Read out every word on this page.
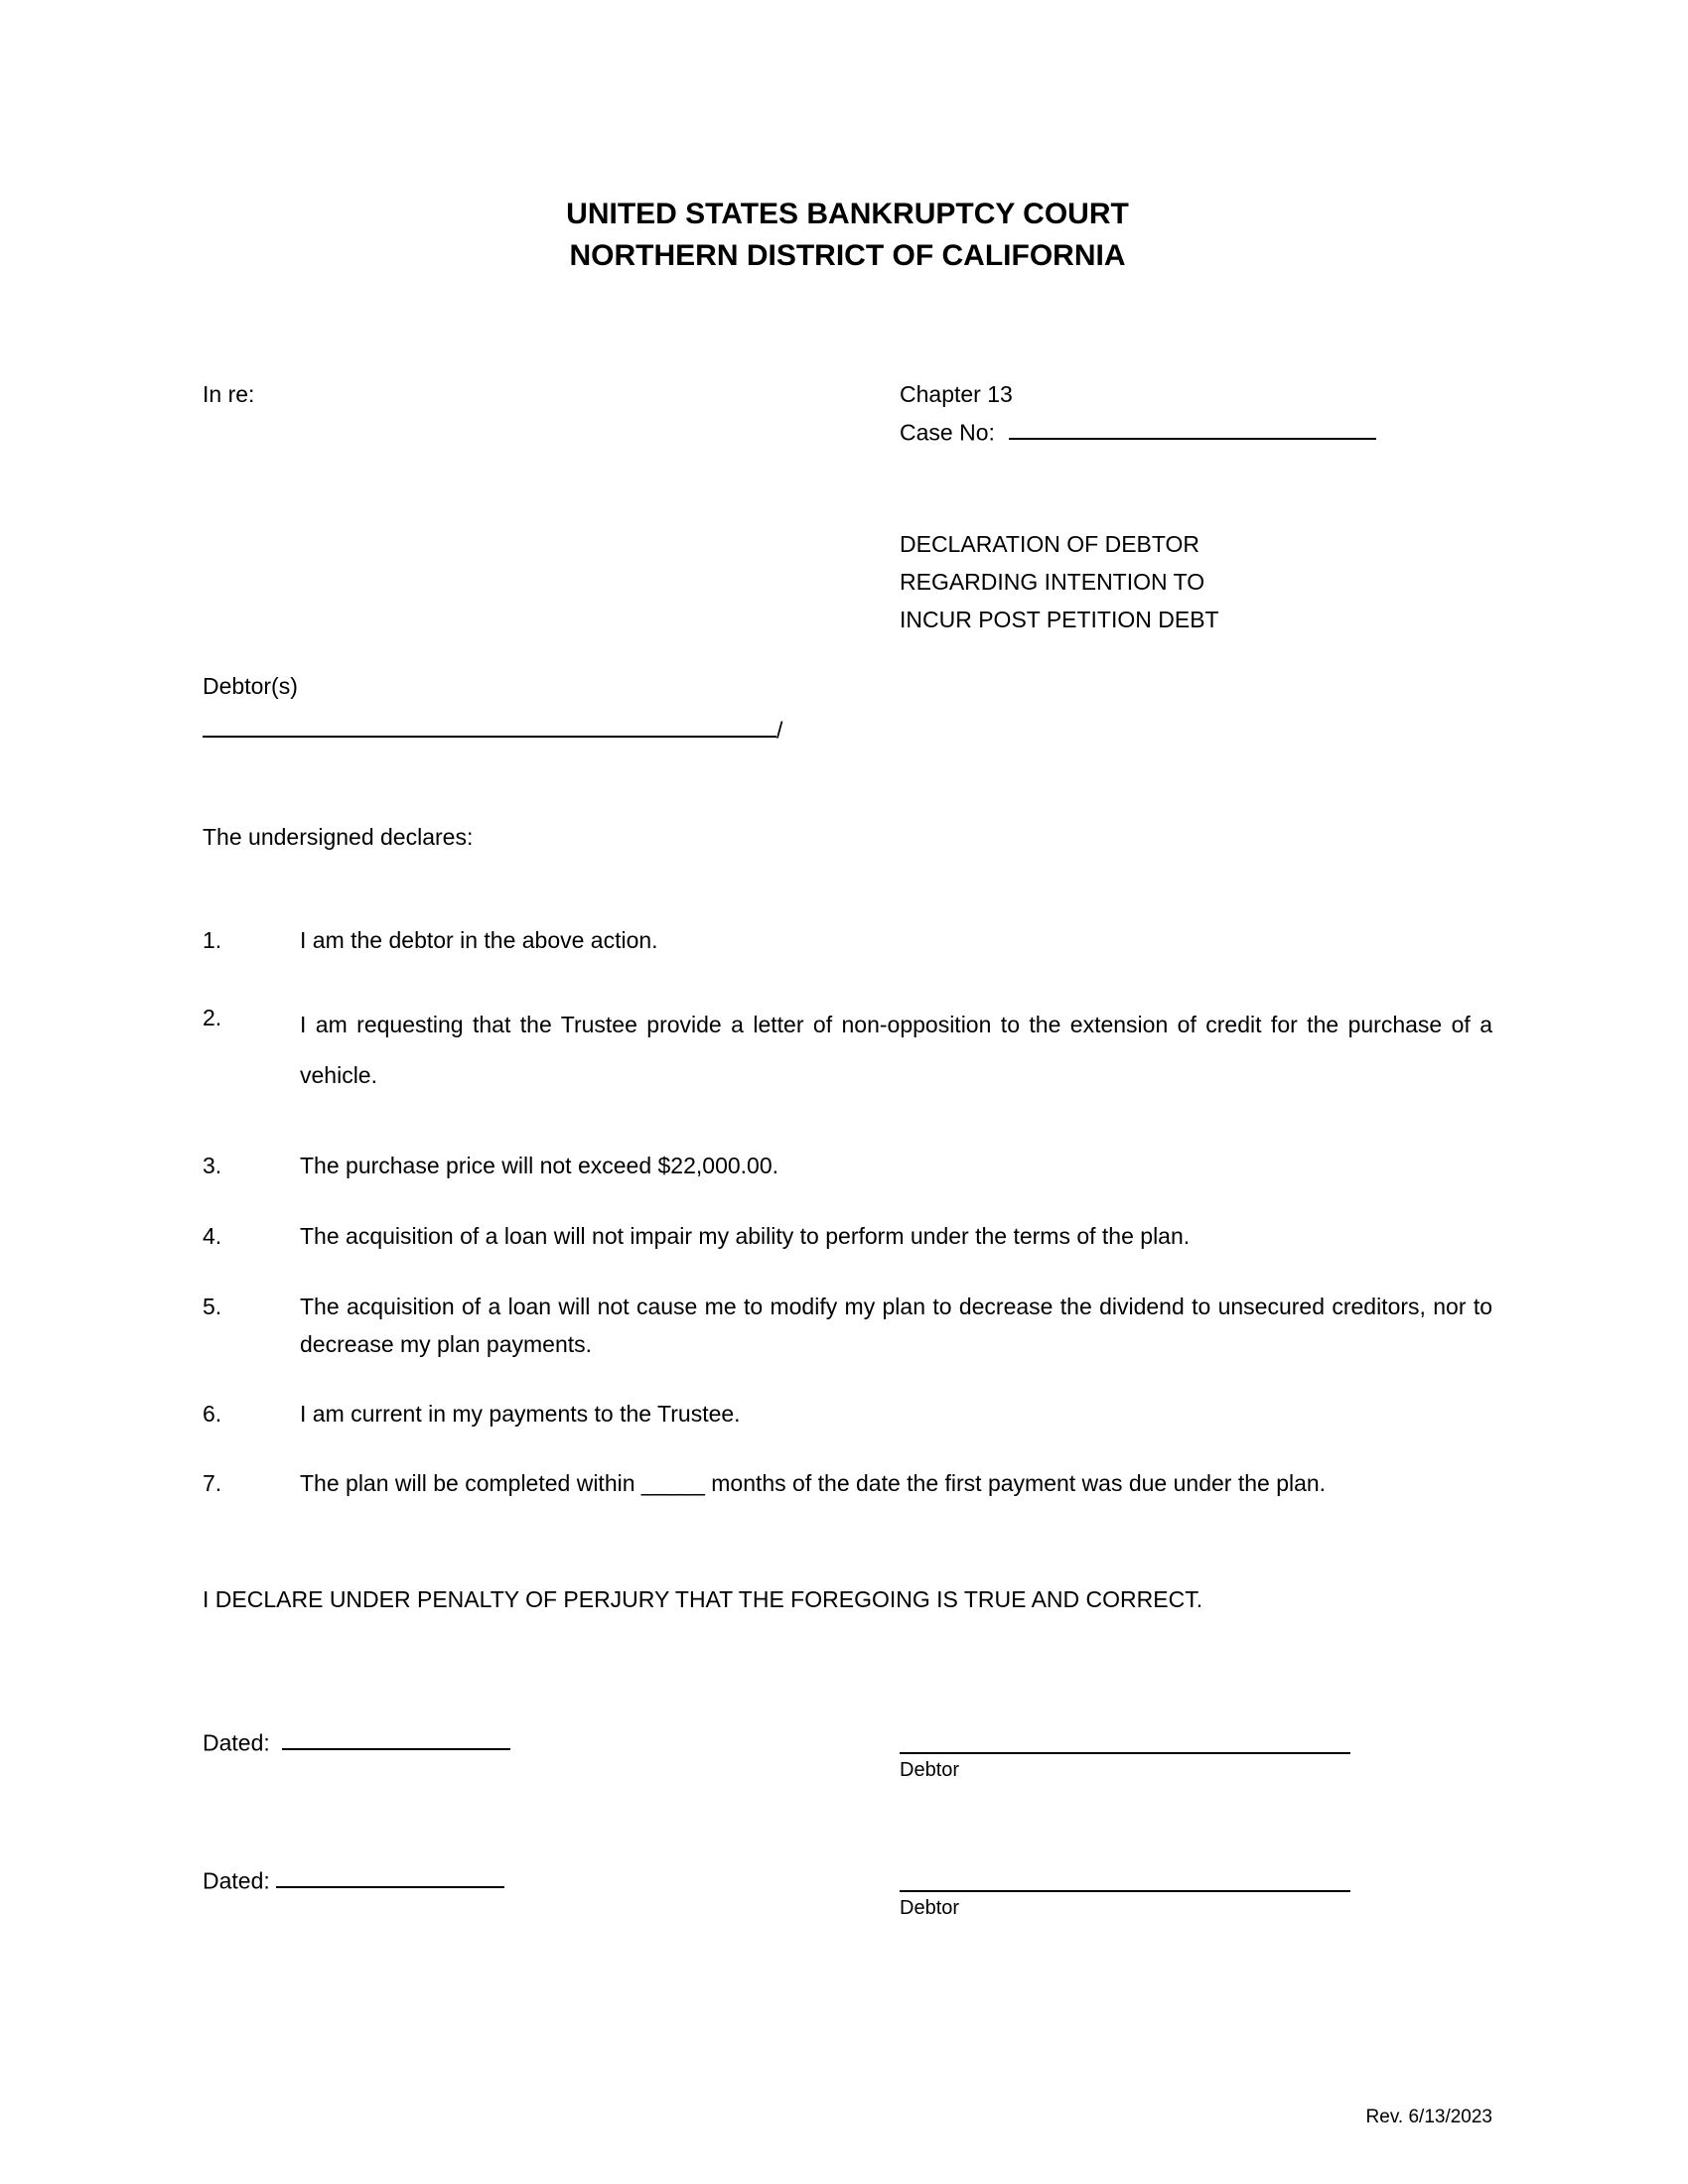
UNITED STATES BANKRUPTCY COURT
NORTHERN DISTRICT OF CALIFORNIA
In re:
Debtor(s)
/
Chapter 13
Case No:
DECLARATION OF DEBTOR
REGARDING INTENTION TO
INCUR POST PETITION DEBT
The undersigned declares:
1.	I am the debtor in the above action.
2.	I am requesting that the Trustee provide a letter of non-opposition to the extension of credit for the purchase of a vehicle.
3.	The purchase price will not exceed $22,000.00.
4.	The acquisition of a loan will not impair my ability to perform under the terms of the plan.
5.	The acquisition of a loan will not cause me to modify my plan to decrease the dividend to unsecured creditors, nor to decrease my plan payments.
6.	I am current in my payments to the Trustee.
7.	The plan will be completed within _____ months of the date the first payment was due under the plan.
I DECLARE UNDER PENALTY OF PERJURY THAT THE FOREGOING IS TRUE AND CORRECT.
Dated:
Debtor
Dated:
Debtor
Rev. 6/13/2023
